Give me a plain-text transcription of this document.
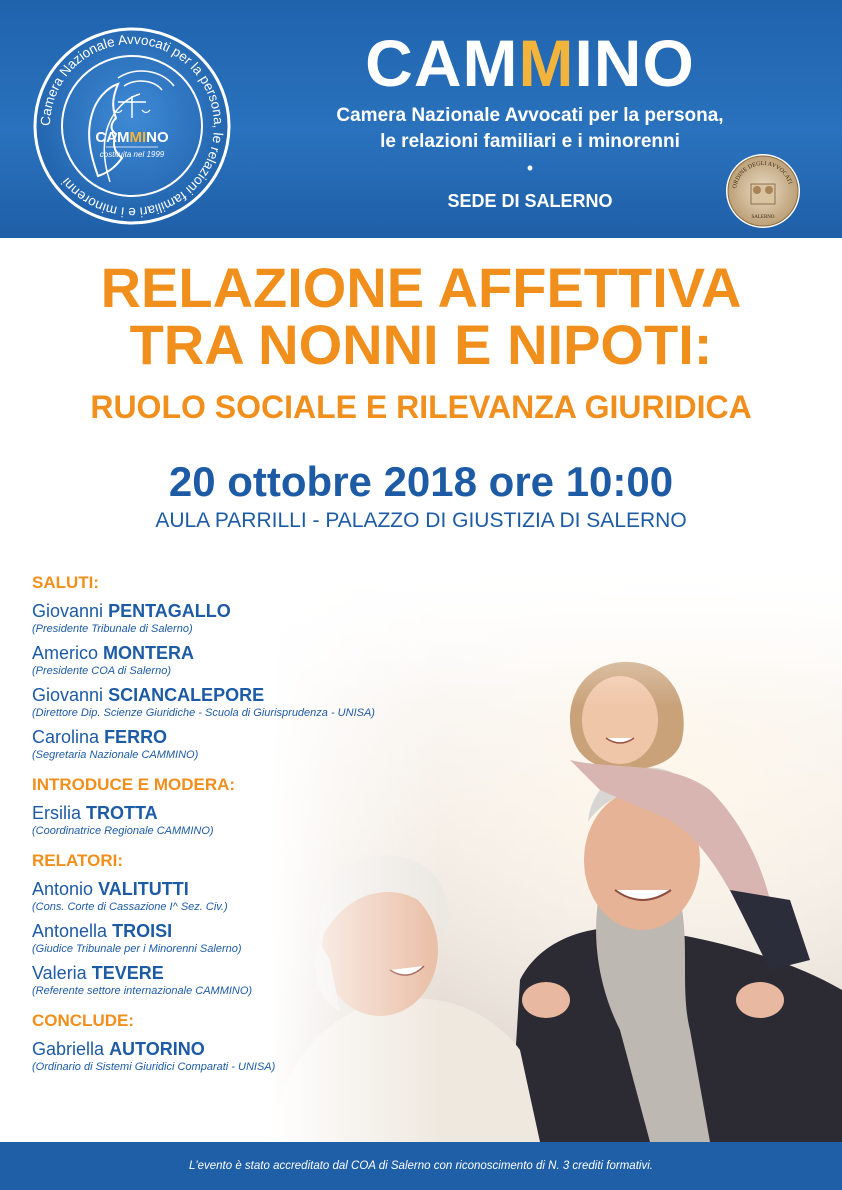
Camera Nazionale Avvocati per la persona, le relazioni familiari e i minorenni
CAMMINO
costituita nel 1999
CAMMINO
Camera Nazionale Avvocati per la persona,
le relazioni familiari e i minorenni
•
SEDE DI SALERNO
ORDINE DEGLI AVVOCATI
SALERNO
RELAZIONE AFFETTIVA
TRA NONNI E NIPOTI:
RUOLO SOCIALE E RILEVANZA GIURIDICA
20 ottobre 2018 ore 10:00
AULA PARRILLI - PALAZZO DI GIUSTIZIA DI SALERNO
SALUTI:
Giovanni PENTAGALLO
(Presidente Tribunale di Salerno)
Americo MONTERA
(Presidente COA di Salerno)
Giovanni SCIANCALEPORE
(Direttore Dip. Scienze Giuridiche - Scuola di Giurisprudenza - UNISA)
Carolina FERRO
(Segretaria Nazionale CAMMINO)
INTRODUCE E MODERA:
Ersilia TROTTA
(Coordinatrice Regionale CAMMINO)
RELATORI:
Antonio VALITUTTI
(Cons. Corte di Cassazione I^ Sez. Civ.)
Antonella TROISI
(Giudice Tribunale per i Minorenni Salerno)
Valeria TEVERE
(Referente settore internazionale CAMMINO)
CONCLUDE:
Gabriella AUTORINO
(Ordinario di Sistemi Giuridici Comparati - UNISA)
L'evento è stato accreditato dal COA di Salerno con riconoscimento di N. 3 crediti formativi.
